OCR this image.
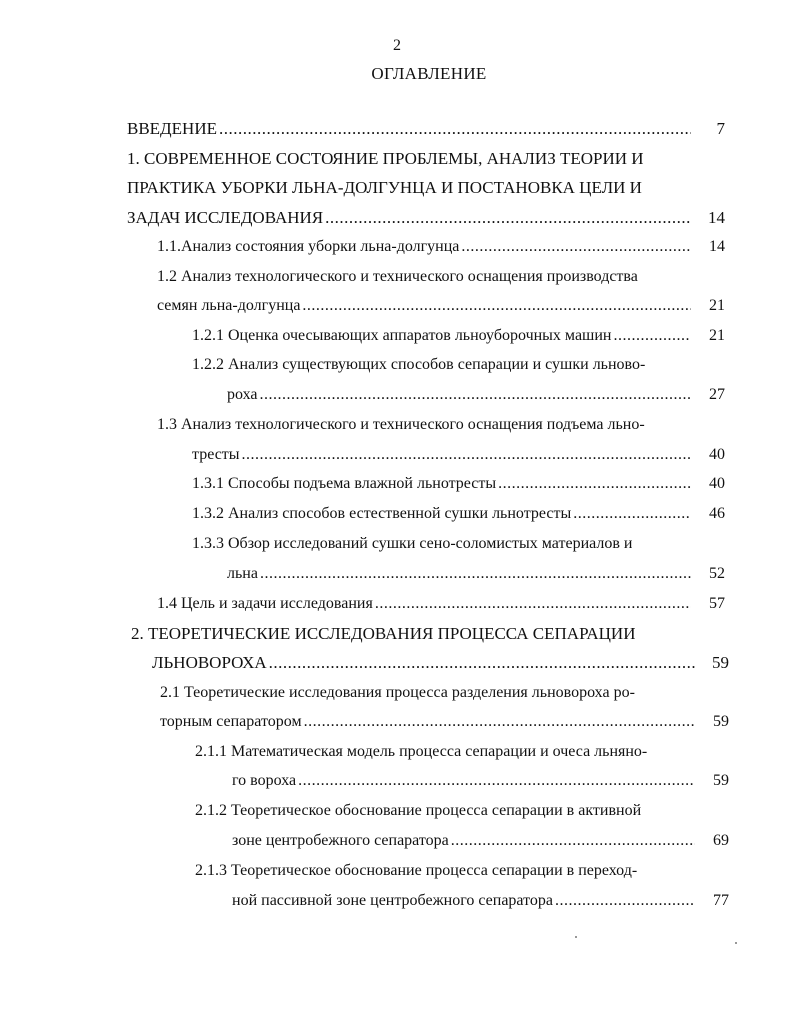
2
ОГЛАВЛЕНИЕ
ВВЕДЕНИЕ .....	7
1. СОВРЕМЕННОЕ СОСТОЯНИЕ ПРОБЛЕМЫ, АНАЛИЗ ТЕОРИИ И
ПРАКТИКА УБОРКИ ЛЬНА-ДОЛГУНЦА И ПОСТАНОВКА ЦЕЛИ И
ЗАДАЧ ИССЛЕДОВАНИЯ .....	14
1.1.Анализ состояния уборки льна-долгунца .....	14
1.2 Анализ технологического и технического оснащения производства
семян льна-долгунца .....	21
1.2.1 Оценка очесывающих аппаратов льноуборочных машин .....	21
1.2.2 Анализ существующих способов сепарации и сушки льново-
роха .....	27
1.3 Анализ технологического и технического оснащения подъема льно-
тресты .....	40
1.3.1 Способы подъема влажной льнотресты .....	40
1.3.2 Анализ способов естественной сушки льнотресты .....	46
1.3.3 Обзор исследований сушки сено-соломистых материалов и
льна .....	52
1.4 Цель и задачи исследования .....	57
2. ТЕОРЕТИЧЕСКИЕ ИССЛЕДОВАНИЯ ПРОЦЕССА СЕПАРАЦИИ
ЛЬНОВОРОХА .....	59
2.1 Теоретические исследования процесса разделения льновороха ро-
торным сепаратором .....	59
2.1.1 Математическая модель процесса сепарации и очеса льняно-
го вороха .....	59
2.1.2 Теоретическое обоснование процесса сепарации в активной
зоне центробежного сепаратора .....	69
2.1.3 Теоретическое обоснование процесса сепарации в переход-
ной пассивной зоне центробежного сепаратора .....	77
